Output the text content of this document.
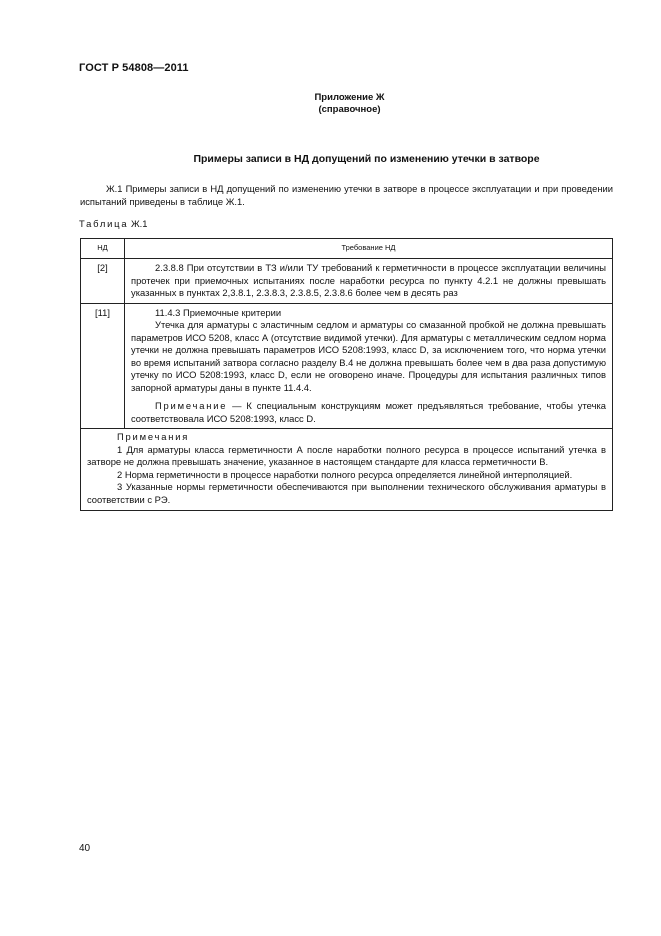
ГОСТ Р 54808—2011
Приложение Ж
(справочное)
Примеры записи в НД допущений по изменению утечки в затворе
Ж.1 Примеры записи в НД допущений по изменению утечки в затворе в процессе эксплуатации и при проведении испытаний приведены в таблице Ж.1.
Таблица Ж.1
НД	Требование НД
[2]	2.3.8.8 При отсутствии в ТЗ и/или ТУ требований к герметичности в процессе эксплуатации величины протечек при приемочных испытаниях после наработки ресурса по пункту 4.2.1 не должны превышать указанных в пунктах 2,3.8.1, 2.3.8.3, 2.3.8.5, 2.3.8.6 более чем в десять раз

[11]	11.4.3 Приемочные критерии

Утечка для арматуры с эластичным седлом и арматуры со смазанной пробкой не должна превышать параметров ИСО 5208, класс А (отсутствие видимой утечки). Для арматуры с металлическим седлом норма утечки не должна превышать параметров ИСО 5208:1993, класс D, за исключением того, что норма утечки во время испытаний затвора согласно разделу В.4 не должна превышать более чем в два раза допустимую утечку по ИСО 5208:1993, класс D, если не оговорено иначе. Процедуры для испытания различных типов запорной арматуры даны в пункте 11.4.4.

Примечание — К специальным конструкциям может предъявляться требование, чтобы утечка соответствовала ИСО 5208:1993, класс D.

Примечания

1 Для арматуры класса герметичности А после наработки полного ресурса в процессе испытаний утечка в затворе не должна превышать значение, указанное в настоящем стандарте для класса герметичности В.

2 Норма герметичности в процессе наработки полного ресурса определяется линейной интерполяцией.

3 Указанные нормы герметичности обеспечиваются при выполнении технического обслуживания арматуры в соответствии с РЭ.	

40
